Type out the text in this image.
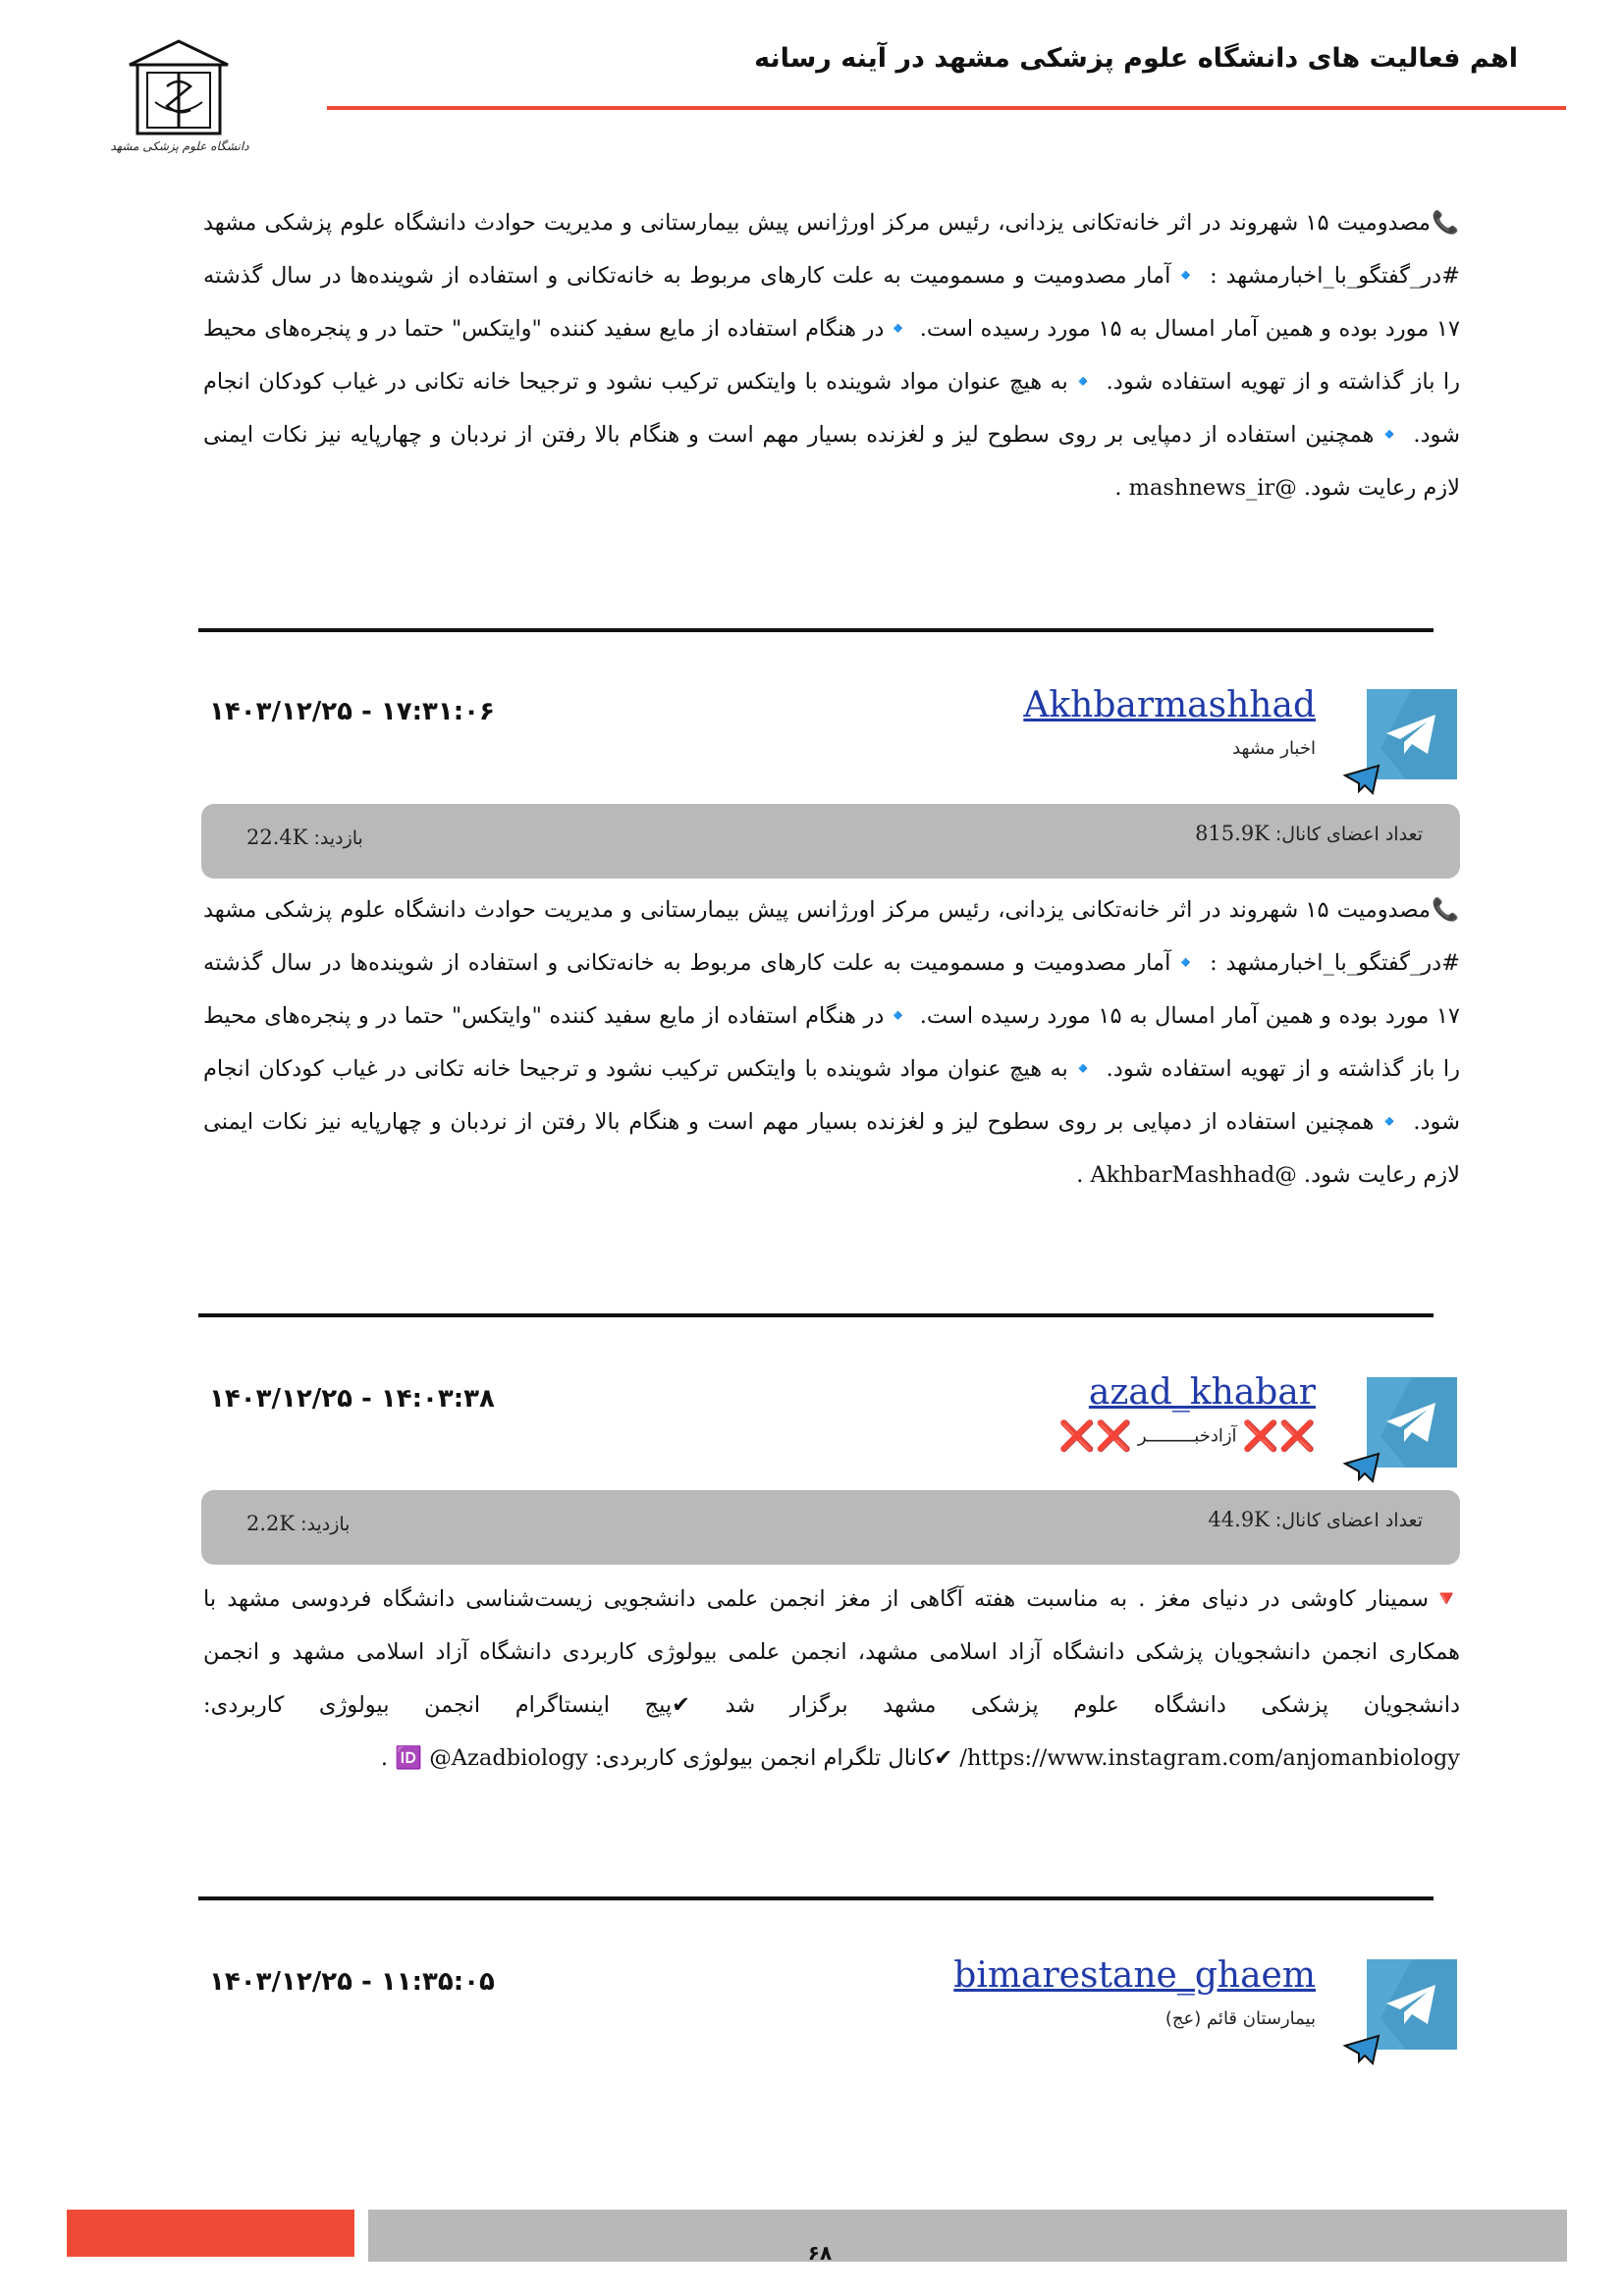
دانشگاه علوم پزشکی مشهد
اهم فعالیت های دانشگاه علوم پزشکی مشهد در آینه رسانه
📞مصدومیت ۱۵ شهروند در اثر خانه‌تکانی یزدانی، رئیس مرکز اورژانس پیش بیمارستانی و مدیریت حوادث دانشگاه علوم پزشکی مشهد #در_گفتگو_با_اخبارمشهد : 🔹آمار مصدومیت و مسمومیت به علت کارهای مربوط به خانه‌تکانی و استفاده از شوینده‌ها در سال گذشته ۱۷ مورد بوده و همین آمار امسال به ۱۵ مورد رسیده است. 🔹در هنگام استفاده از مایع سفید کننده "وایتکس" حتما در و پنجره‌های محیط را باز گذاشته و از تهویه استفاده شود. 🔹به هیچ عنوان مواد شوینده با وایتکس ترکیب نشود و ترجیحا خانه تکانی در غیاب کودکان انجام شود. 🔹همچنین استفاده از دمپایی بر روی سطوح لیز و لغزنده بسیار مهم است و هنگام بالا رفتن از نردبان و چهارپایه نیز نکات ایمنی لازم رعایت شود. @mashnews_ir .
Akhbarmashhad
اخبار مشهد
۱۴۰۳/۱۲/۲۵ - ۱۷:۳۱:۰۶
تعداد اعضای کانال:815.9K
بازدید:22.4K
📞مصدومیت ۱۵ شهروند در اثر خانه‌تکانی یزدانی، رئیس مرکز اورژانس پیش بیمارستانی و مدیریت حوادث دانشگاه علوم پزشکی مشهد #در_گفتگو_با_اخبارمشهد : 🔹آمار مصدومیت و مسمومیت به علت کارهای مربوط به خانه‌تکانی و استفاده از شوینده‌ها در سال گذشته ۱۷ مورد بوده و همین آمار امسال به ۱۵ مورد رسیده است. 🔹در هنگام استفاده از مایع سفید کننده "وایتکس" حتما در و پنجره‌های محیط را باز گذاشته و از تهویه استفاده شود. 🔹به هیچ عنوان مواد شوینده با وایتکس ترکیب نشود و ترجیحا خانه تکانی در غیاب کودکان انجام شود. 🔹همچنین استفاده از دمپایی بر روی سطوح لیز و لغزنده بسیار مهم است و هنگام بالا رفتن از نردبان و چهارپایه نیز نکات ایمنی لازم رعایت شود. @AkhbarMashhad .
azad_khabar
❌❌ آزادخبـــــــــر ❌❌
۱۴۰۳/۱۲/۲۵ - ۱۴:۰۳:۳۸
تعداد اعضای کانال:44.9K
بازدید:2.2K
🔻سمینار کاوشی در دنیای مغز . به مناسبت هفته آگاهی از مغز انجمن علمی دانشجویی زیست‌شناسی دانشگاه فردوسی مشهد با همکاری انجمن دانشجویان پزشکی دانشگاه آزاد اسلامی مشهد، انجمن علمی بیولوژی کاربردی دانشگاه آزاد اسلامی مشهد و انجمن دانشجویان پزشکی دانشگاه علوم پزشکی مشهد برگزار شد ✔پیج اینستاگرام انجمن بیولوژی کاربردی: https://www.instagram.com/anjomanbiology/ ✔کانال تلگرام انجمن بیولوژی کاربردی: 🆔 @Azadbiology .
bimarestane_ghaem
بیمارستان قائم (عج)
۱۴۰۳/۱۲/۲۵ - ۱۱:۳۵:۰۵
۶۸
